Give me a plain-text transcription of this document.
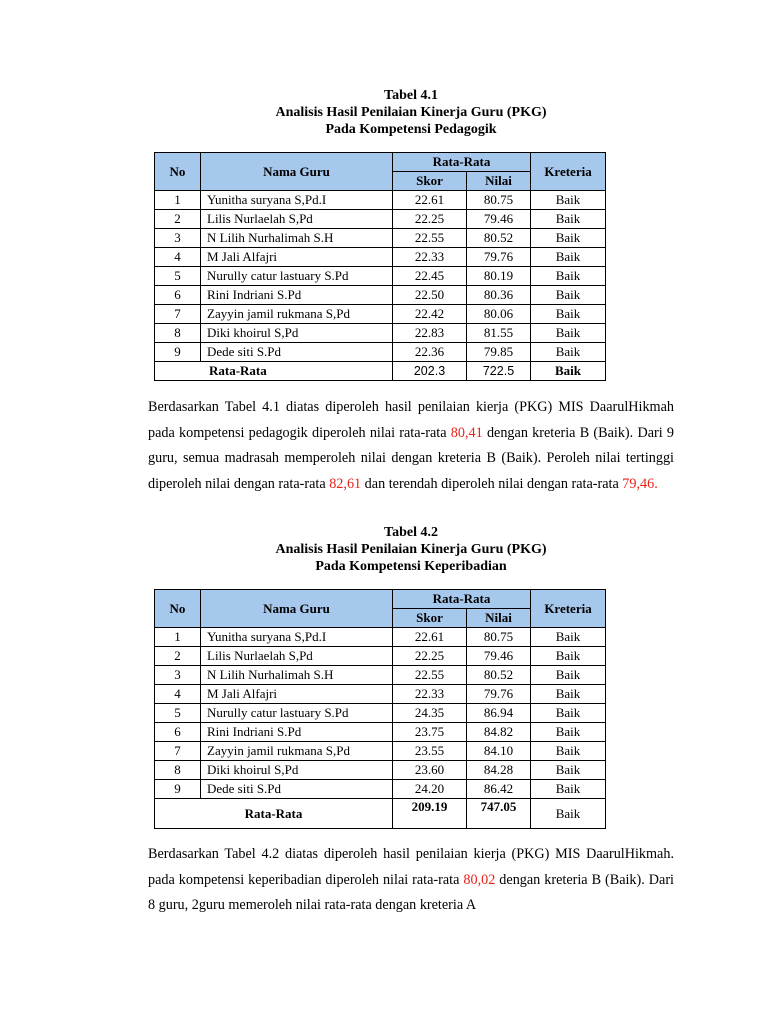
Tabel 4.1
Analisis Hasil Penilaian Kinerja Guru (PKG)
Pada Kompetensi Pedagogik
No	Nama Guru	Rata-Rata		Kreteria
		Skor	Nilai	
1	Yunitha suryana S,Pd.I	22.61	80.75	Baik
2	Lilis Nurlaelah S,Pd	22.25	79.46	Baik
3	N Lilih Nurhalimah S.H	22.55	80.52	Baik
4	M Jali Alfajri	22.33	79.76	Baik
5	Nurully catur lastuary S.Pd	22.45	80.19	Baik
6	Rini Indriani S.Pd	22.50	80.36	Baik
7	Zayyin jamil rukmana S,Pd	22.42	80.06	Baik
8	Diki khoirul S,Pd	22.83	81.55	Baik
9	Dede siti S.Pd	22.36	79.85	Baik
Rata-Rata		202.3	722.5	Baik

Berdasarkan Tabel 4.1 diatas diperoleh hasil penilaian kierja (PKG) MIS DaarulHikmah pada kompetensi pedagogik diperoleh nilai rata-rata 80,41 dengan kreteria B (Baik). Dari 9 guru, semua madrasah memperoleh nilai dengan kreteria B (Baik). Peroleh nilai tertinggi diperoleh nilai dengan rata-rata 82,61 dan terendah diperoleh nilai dengan rata-rata 79,46.

Tabel 4.2
Analisis Hasil Penilaian Kinerja Guru (PKG)
Pada Kompetensi Keperibadian
No	Nama Guru	Rata-Rata		Kreteria
		Skor	Nilai	
1	Yunitha suryana S,Pd.I	22.61	80.75	Baik
2	Lilis Nurlaelah S,Pd	22.25	79.46	Baik
3	N Lilih Nurhalimah S.H	22.55	80.52	Baik
4	M Jali Alfajri	22.33	79.76	Baik
5	Nurully catur lastuary S.Pd	24.35	86.94	Baik
6	Rini Indriani S.Pd	23.75	84.82	Baik
7	Zayyin jamil rukmana S,Pd	23.55	84.10	Baik
8	Diki khoirul S,Pd	23.60	84.28	Baik
9	Dede siti S.Pd	24.20	86.42	Baik
Rata-Rata		209.19	747.05	Baik

Berdasarkan Tabel 4.2 diatas diperoleh hasil penilaian kierja (PKG) MIS DaarulHikmah. pada kompetensi keperibadian diperoleh nilai rata-rata 80,02 dengan kreteria B (Baik). Dari 8 guru, 2guru memeroleh nilai rata-rata dengan kreteria A
